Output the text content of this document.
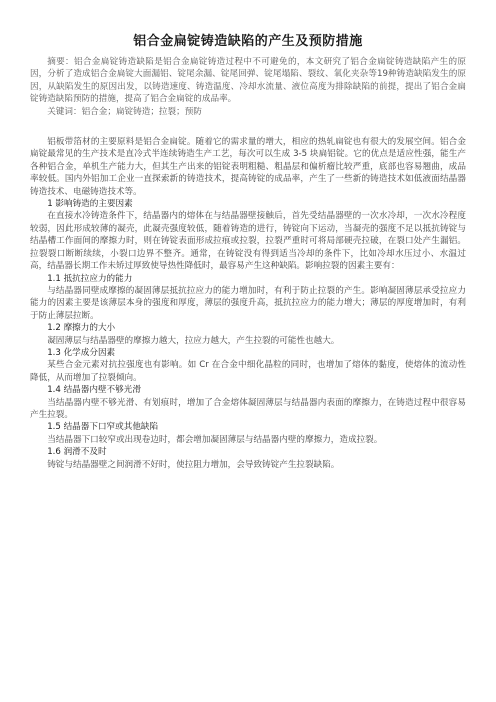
铝合金扁锭铸造缺陷的产生及预防措施

摘要：铝合金扁锭铸造缺陷是铝合金扁锭铸造过程中不可避免的，本文研究了铝合金扁锭铸造缺陷产生的原因，分析了造成铝合金扁锭大面漏铝、锭尾余漏、锭尾回弹、锭尾塌陷、裂纹、氧化夹杂等19种铸造缺陷发生的原因，从缺陷发生的原因出发，以铸造速度、铸造温度、冷却水流量、液位高度为排除缺陷的前提，提出了铝合金扁锭铸造缺陷预防的措施，提高了铝合金扁锭的成品率。

关键词：铝合金；扁锭铸造；拉裂；预防

铝板带箔材的主要原料是铝合金扁锭。随着它的需求量的增大，相应的热轧扁锭也有很大的发展空间。铝合金扁锭最常见的生产技术是直冷式半连续铸造生产工艺，每次可以生成 3-5 块扁铝锭。它的优点是适应性强，能生产各种铝合金，单机生产能力大，但其生产出来的铝锭表明粗糙、粗晶层和偏析瘤比较严重，底部也容易翘曲，成品率较低。国内外铝加工企业一直探索新的铸造技术，提高铸锭的成品率，产生了一些新的铸造技术如低液面结晶器铸造技术、电磁铸造技术等。

1 影响铸造的主要因素

在直接水冷铸造条件下，结晶器内的熔体在与结晶器壁接触后，首先受结晶器壁的一次水冷却，一次水冷程度较弱，因此形成较薄的凝壳，此凝壳强度较低，随着铸造的进行，铸锭向下运动，当凝壳的强度不足以抵抗铸锭与结晶槽工作面间的摩擦力时，则在铸锭表面形成拉痕或拉裂，拉裂严重时可将局部硬壳拉破，在裂口处产生漏铝。拉裂裂口断断续续，小裂口边界不整齐。通常，在铸锭没有得到适当冷却的条件下，比如冷却水压过小、水温过高，结晶器长期工作未矫过厚致使导热性降低时，最容易产生这种缺陷。影响拉裂的因素主要有：

1.1 抵抗拉应力的能力

与结晶器同壁成摩擦的凝固薄层抵抗拉应力的能力增加时，有利于防止拉裂的产生。影响凝固薄层承受拉应力能力的因素主要是该薄层本身的强度和厚度，薄层的强度升高，抵抗拉应力的能力增大；薄层的厚度增加时，有利于防止薄层拉断。

1.2 摩擦力的大小

凝固薄层与结晶器壁的摩擦力越大，拉应力越大，产生拉裂的可能性也越大。

1.3 化学成分因素

某些合金元素对抗拉强度也有影响。如 Cr 在合金中细化晶粒的同时，也增加了熔体的黏度，使熔体的流动性降低，从而增加了拉裂倾向。

1.4 结晶器内壁不够光滑

当结晶器内壁不够光滑、有划痕时，增加了合金熔体凝固薄层与结晶器内表面的摩擦力，在铸造过程中很容易产生拉裂。

1.5 结晶器下口窄或其他缺陷

当结晶器下口较窄或出现卷边时，都会增加凝固薄层与结晶器内壁的摩擦力，造成拉裂。

1.6 润滑不及时

铸锭与结晶器壁之间润滑不好时，使拉阻力增加，会导致铸锭产生拉裂缺陷。
